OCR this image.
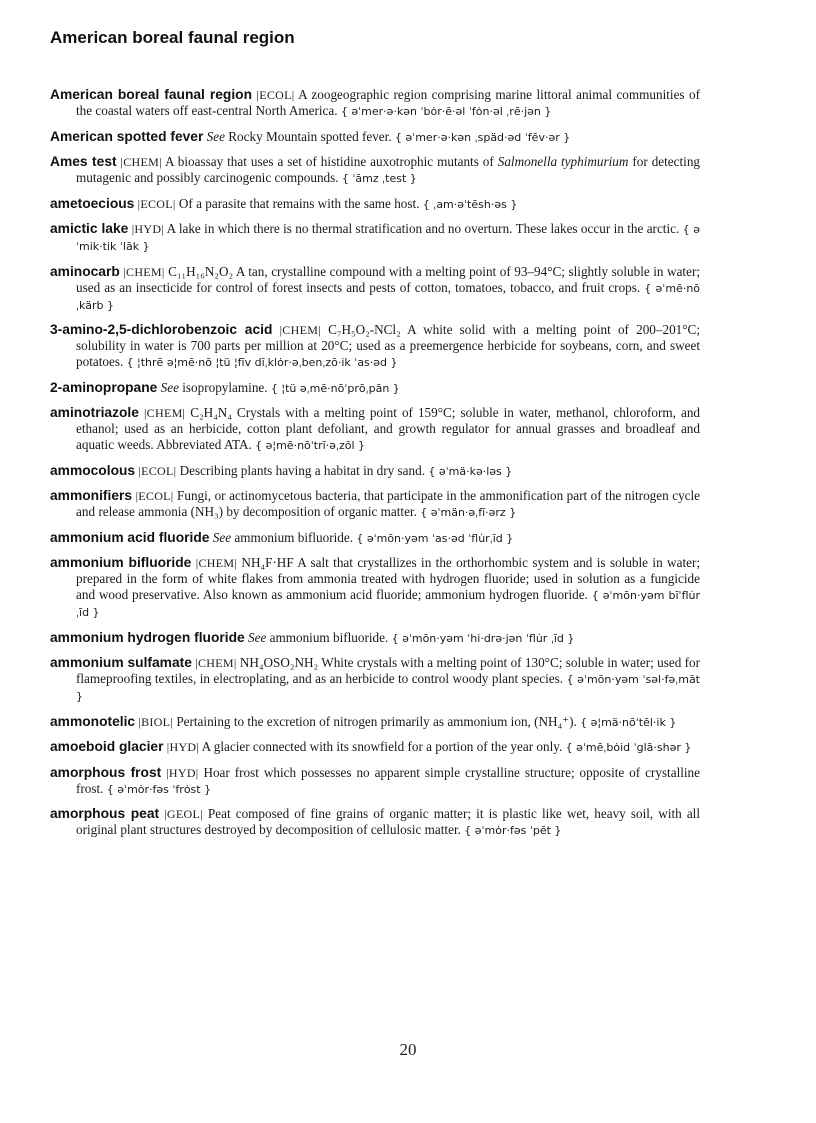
American boreal faunal region

American boreal faunal region |ECOL| A zoogeographic region comprising marine littoral animal communities of the coastal waters off east-central North America. { əˈmer·ə·kən ˈbȯr·ē·əl ˈfȯn·əl ˌrē·jən }

American spotted fever See Rocky Mountain spotted fever. { əˈmer·ə·kən ˌspäd·əd ˈfēv·ər }

Ames test |CHEM| A bioassay that uses a set of histidine auxotrophic mutants of Salmonella typhimurium for detecting mutagenic and possibly carcinogenic compounds. { ˈāmz ˌtest }

ametoecious |ECOL| Of a parasite that remains with the same host. { ˌam·əˈtēsh·əs }

amictic lake |HYD| A lake in which there is no thermal stratification and no overturn. These lakes occur in the arctic. { əˈmik·tik ˈlāk }

aminocarb |CHEM| C₁₁H₁₆N₂O₂ A tan, crystalline compound with a melting point of 93–94°C; slightly soluble in water; used as an insecticide for control of forest insects and pests of cotton, tomatoes, tobacco, and fruit crops. { əˈmē·nōˌkärb }

3-amino-2,5-dichlorobenzoic acid |CHEM| C₇H₅O₂-NCl₂ A white solid with a melting point of 200–201°C; solubility in water is 700 parts per million at 20°C; used as a preemergence herbicide for soybeans, corn, and sweet potatoes. { ¦thrē ə¦mē·nō ¦tü ¦fīv dīˌklȯr·əˌbenˌzō·ik ˈas·əd }

2-aminopropane See isopropylamine. { ¦tü əˌmē·nōˈprōˌpān }

aminotriazole |CHEM| C₂H₄N₄ Crystals with a melting point of 159°C; soluble in water, methanol, chloroform, and ethanol; used as an herbicide, cotton plant defoliant, and growth regulator for annual grasses and broadleaf and aquatic weeds. Abbreviated ATA. { ə¦mē·nōˈtrī·əˌzōl }

ammocolous |ECOL| Describing plants having a habitat in dry sand. { əˈmä·kə·ləs }

ammonifiers |ECOL| Fungi, or actinomycetous bacteria, that participate in the ammonification part of the nitrogen cycle and release ammonia (NH₃) by decomposition of organic matter. { əˈmän·əˌfī·ərz }

ammonium acid fluoride See ammonium bifluoride. { əˈmōn·yəm ˈas·əd ˈflu̇rˌīd }

ammonium bifluoride |CHEM| NH₄F·HF A salt that crystallizes in the orthorhombic system and is soluble in water; prepared in the form of white flakes from ammonia treated with hydrogen fluoride; used in solution as a fungicide and wood preservative. Also known as ammonium acid fluoride; ammonium hydrogen fluoride. { əˈmōn·yəm bīˈflu̇rˌīd }

ammonium hydrogen fluoride See ammonium bifluoride. { əˈmōn·yəm ˈhi·drə·jən ˈflu̇r ˌīd }

ammonium sulfamate |CHEM| NH₄OSO₂NH₂ White crystals with a melting point of 130°C; soluble in water; used for flameproofing textiles, in electroplating, and as an herbicide to control woody plant species. { əˈmōn·yəm ˈsəl·fəˌmāt }

ammonotelic |BIOL| Pertaining to the excretion of nitrogen primarily as ammonium ion, (NH₄⁺). { ə¦mä·nōˈtēl·ik }

amoeboid glacier |HYD| A glacier connected with its snowfield for a portion of the year only. { əˈmēˌbȯid ˈglā·shər }

amorphous frost |HYD| Hoar frost which possesses no apparent simple crystalline structure; opposite of crystalline frost. { əˈmȯr·fəs ˈfrȯst }

amorphous peat |GEOL| Peat composed of fine grains of organic matter; it is plastic like wet, heavy soil, with all original plant structures destroyed by decomposition of cellulosic matter. { əˈmȯr·fəs ˈpēt }

20
